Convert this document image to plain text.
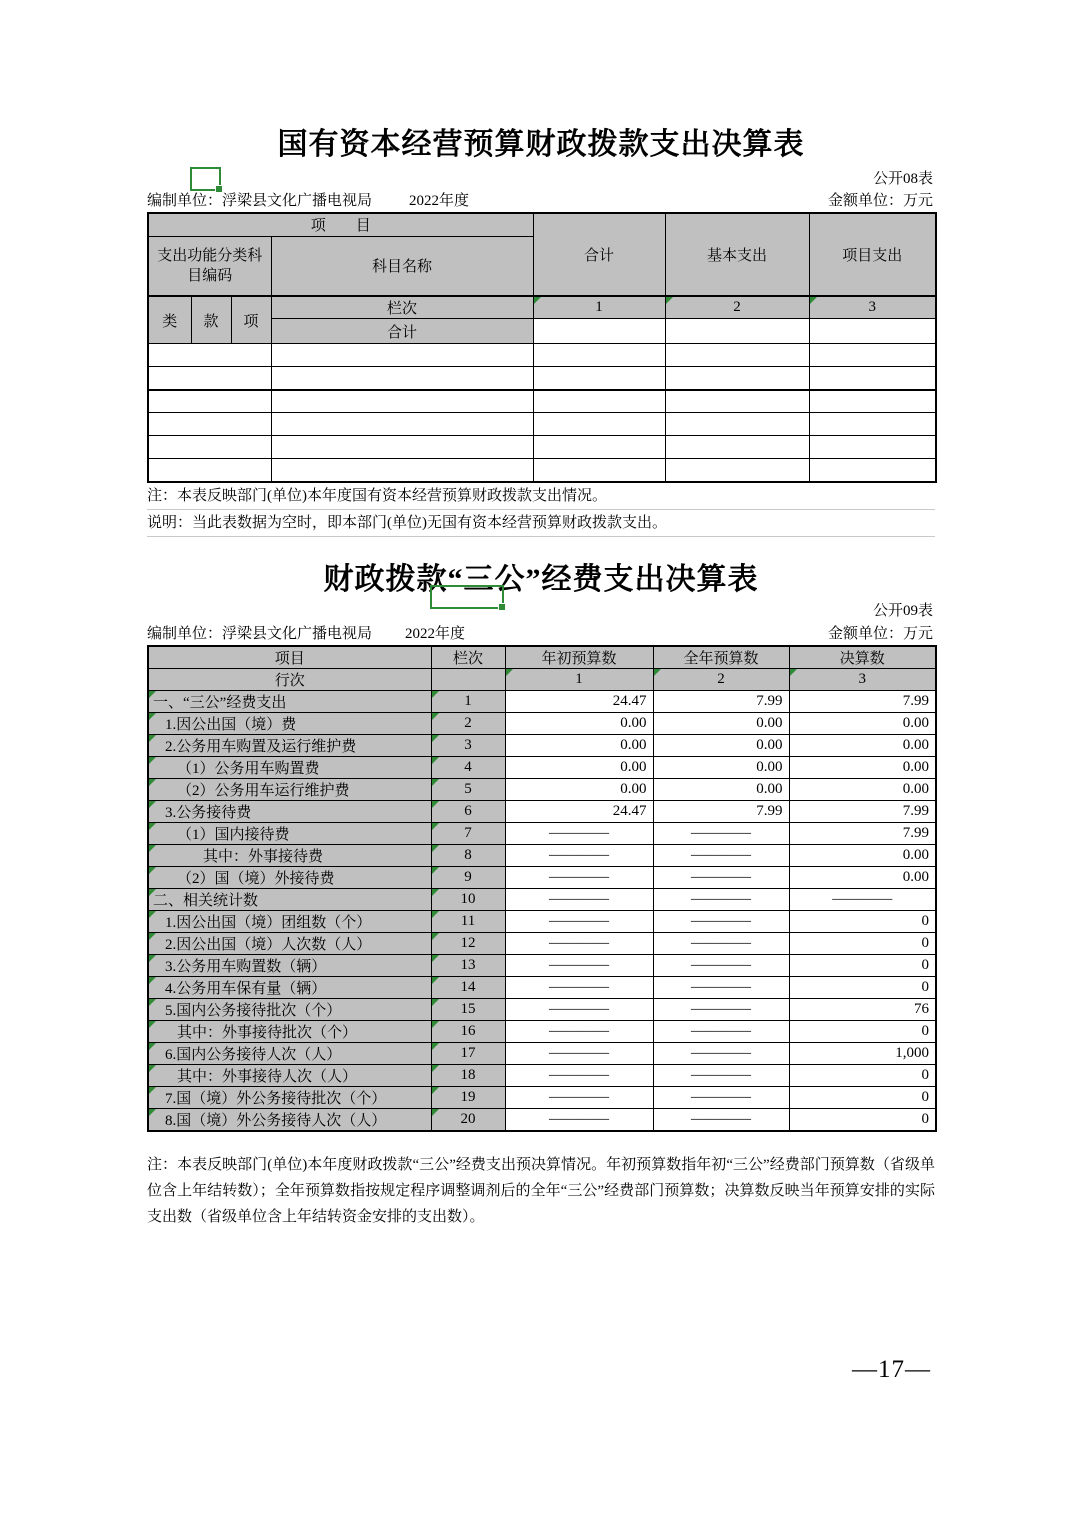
国有资本经营预算财政拨款支出决算表
公开08表
编制单位：浮梁县文化广播电视局 2022年度	金额单位：万元
项　　目				合计	基本支出	项目支出
支出功能分类科目编码			科目名称			
类	款	项	栏次	1	2	3
			合计			

注：本表反映部门(单位)本年度国有资本经营预算财政拨款支出情况。
说明：当此表数据为空时，即本部门(单位)无国有资本经营预算财政拨款支出。
财政拨款“三公”经费支出决算表
公开09表
编制单位：浮梁县文化广播电视局 2022年度	金额单位：万元
项目	栏次	年初预算数	全年预算数	决算数
行次		1	2	3
一、“三公”经费支出	1	24.47	7.99	7.99
1.因公出国（境）费	2	0.00	0.00	0.00
2.公务用车购置及运行维护费	3	0.00	0.00	0.00
（1）公务用车购置费	4	0.00	0.00	0.00
（2）公务用车运行维护费	5	0.00	0.00	0.00
3.公务接待费	6	24.47	7.99	7.99
（1）国内接待费	7	————	————	7.99
其中：外事接待费	8	————	————	0.00
（2）国（境）外接待费	9	————	————	0.00
二、相关统计数	10	————	————	————
1.因公出国（境）团组数（个）	11	————	————	0
2.因公出国（境）人次数（人）	12	————	————	0
3.公务用车购置数（辆）	13	————	————	0
4.公务用车保有量（辆）	14	————	————	0
5.国内公务接待批次（个）	15	————	————	76
其中：外事接待批次（个）	16	————	————	0
6.国内公务接待人次（人）	17	————	————	1,000
其中：外事接待人次（人）	18	————	————	0
7.国（境）外公务接待批次（个）	19	————	————	0
8.国（境）外公务接待人次（人）	20	————	————	0

注：本表反映部门(单位)本年度财政拨款“三公”经费支出预决算情况。年初预算数指年初“三公”经费部门预算数（省级单位含上年结转数）；全年预算数指按规定程序调整调剂后的全年“三公”经费部门预算数；决算数反映当年预算安排的实际支出数（省级单位含上年结转资金安排的支出数）。

—17—
